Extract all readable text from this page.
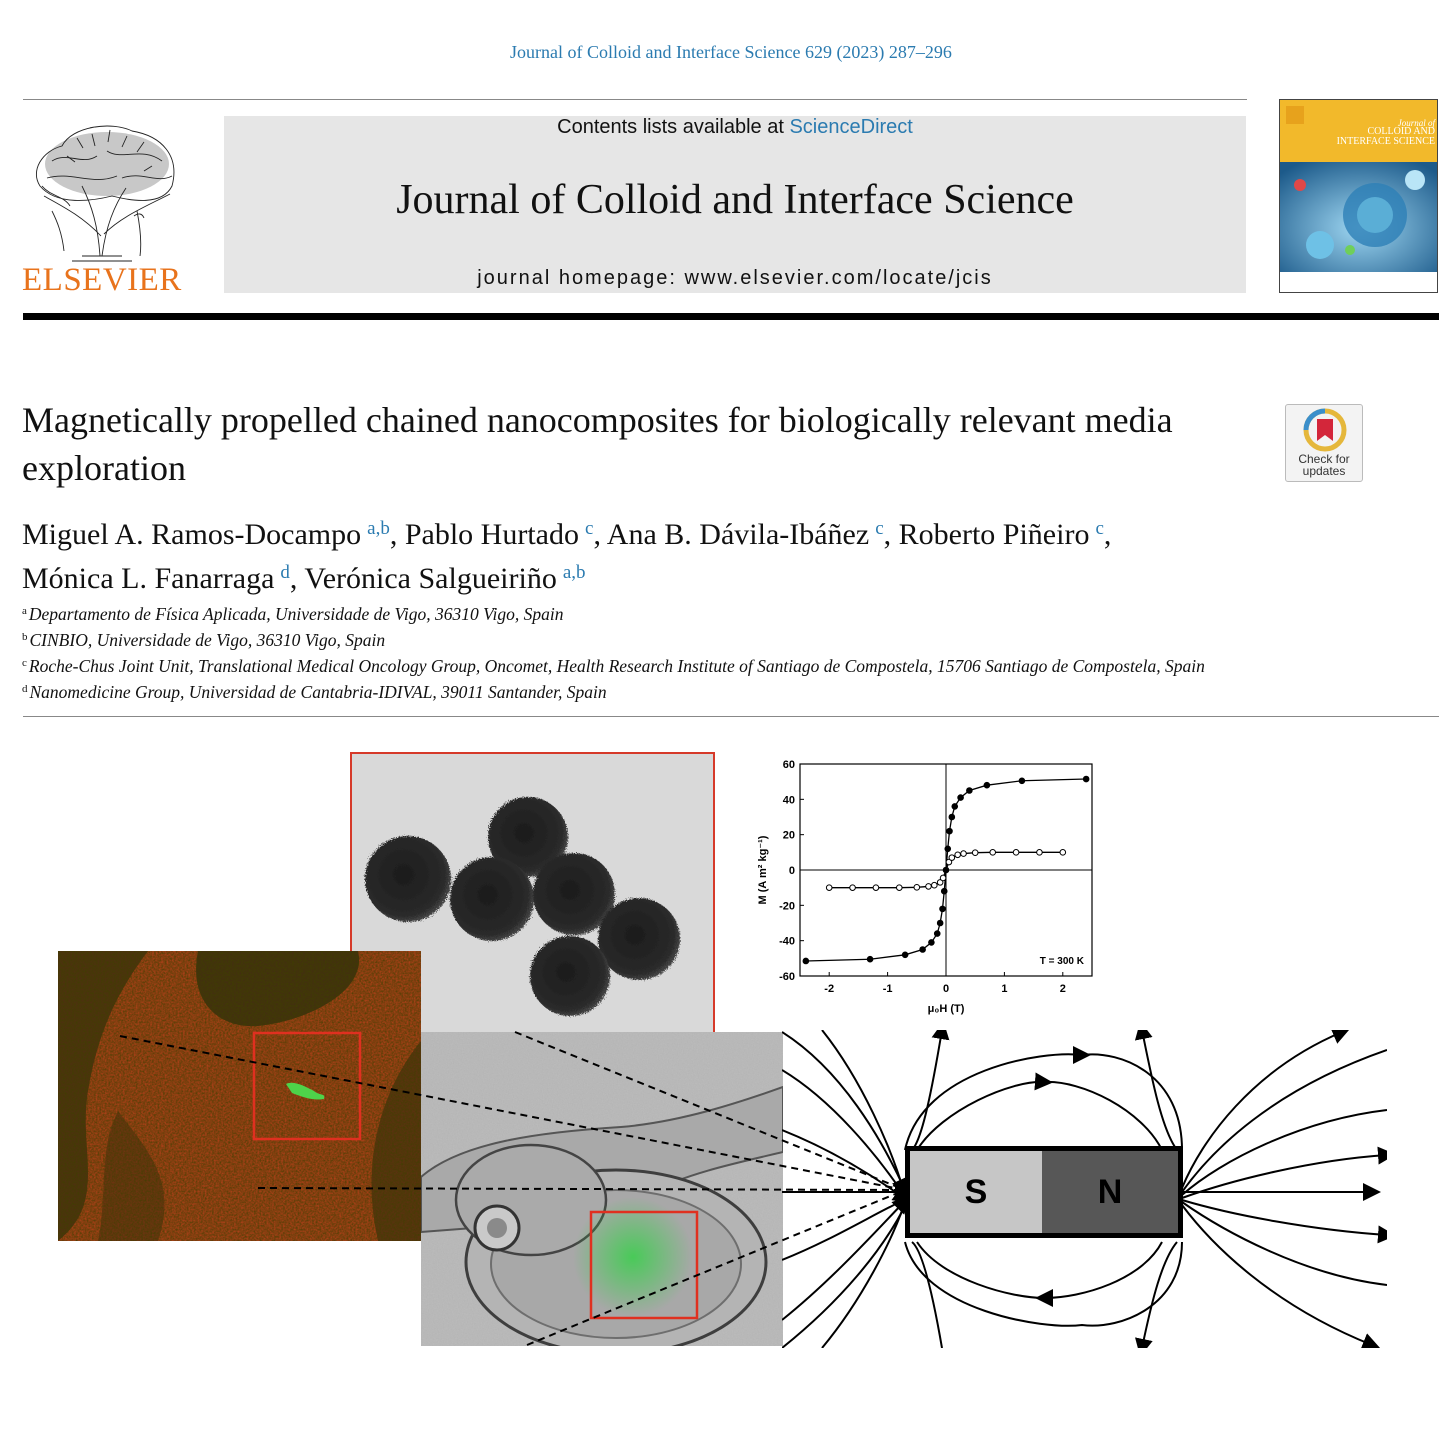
Journal of Colloid and Interface Science 629 (2023) 287–296
ELSEVIER
Contents lists available at ScienceDirect
Journal of Colloid and Interface Science
journal homepage: www.elsevier.com/locate/jcis
Journal of
COLLOID AND INTERFACE SCIENCE
Magnetically propelled chained nanocomposites for biologically relevant media exploration	Check for
updates
Miguel A. Ramos-Docampo  $^{a,b}$, Pablo Hurtado  $^c$, Ana B. Dávila-Ibáñez  $^c$, Roberto Piñeiro  $^c$,
Mónica L. Fanarraga  $^d$, Verónica Salgueiriño  $^{a,b}$
$^a$ Departamento de Física Aplicada, Universidade de Vigo, 36310 Vigo, Spain
$^b$ CINBIO, Universidade de Vigo, 36310 Vigo, Spain
$^c$ Roche-Chus Joint Unit, Translational Medical Oncology Group, Oncomet, Health Research Institute of Santiago de Compostela, 15706 Santiago de Compostela, Spain
$^d$ Nanomedicine Group, Universidad de Cantabria-IDIVAL, 39011 Santander, Spain
S	N
-2	-1	0	1	2
-60
-40
-20
0
20
40
60
μ₀H (T)
M (A m² kg⁻¹)
T = 300 K
